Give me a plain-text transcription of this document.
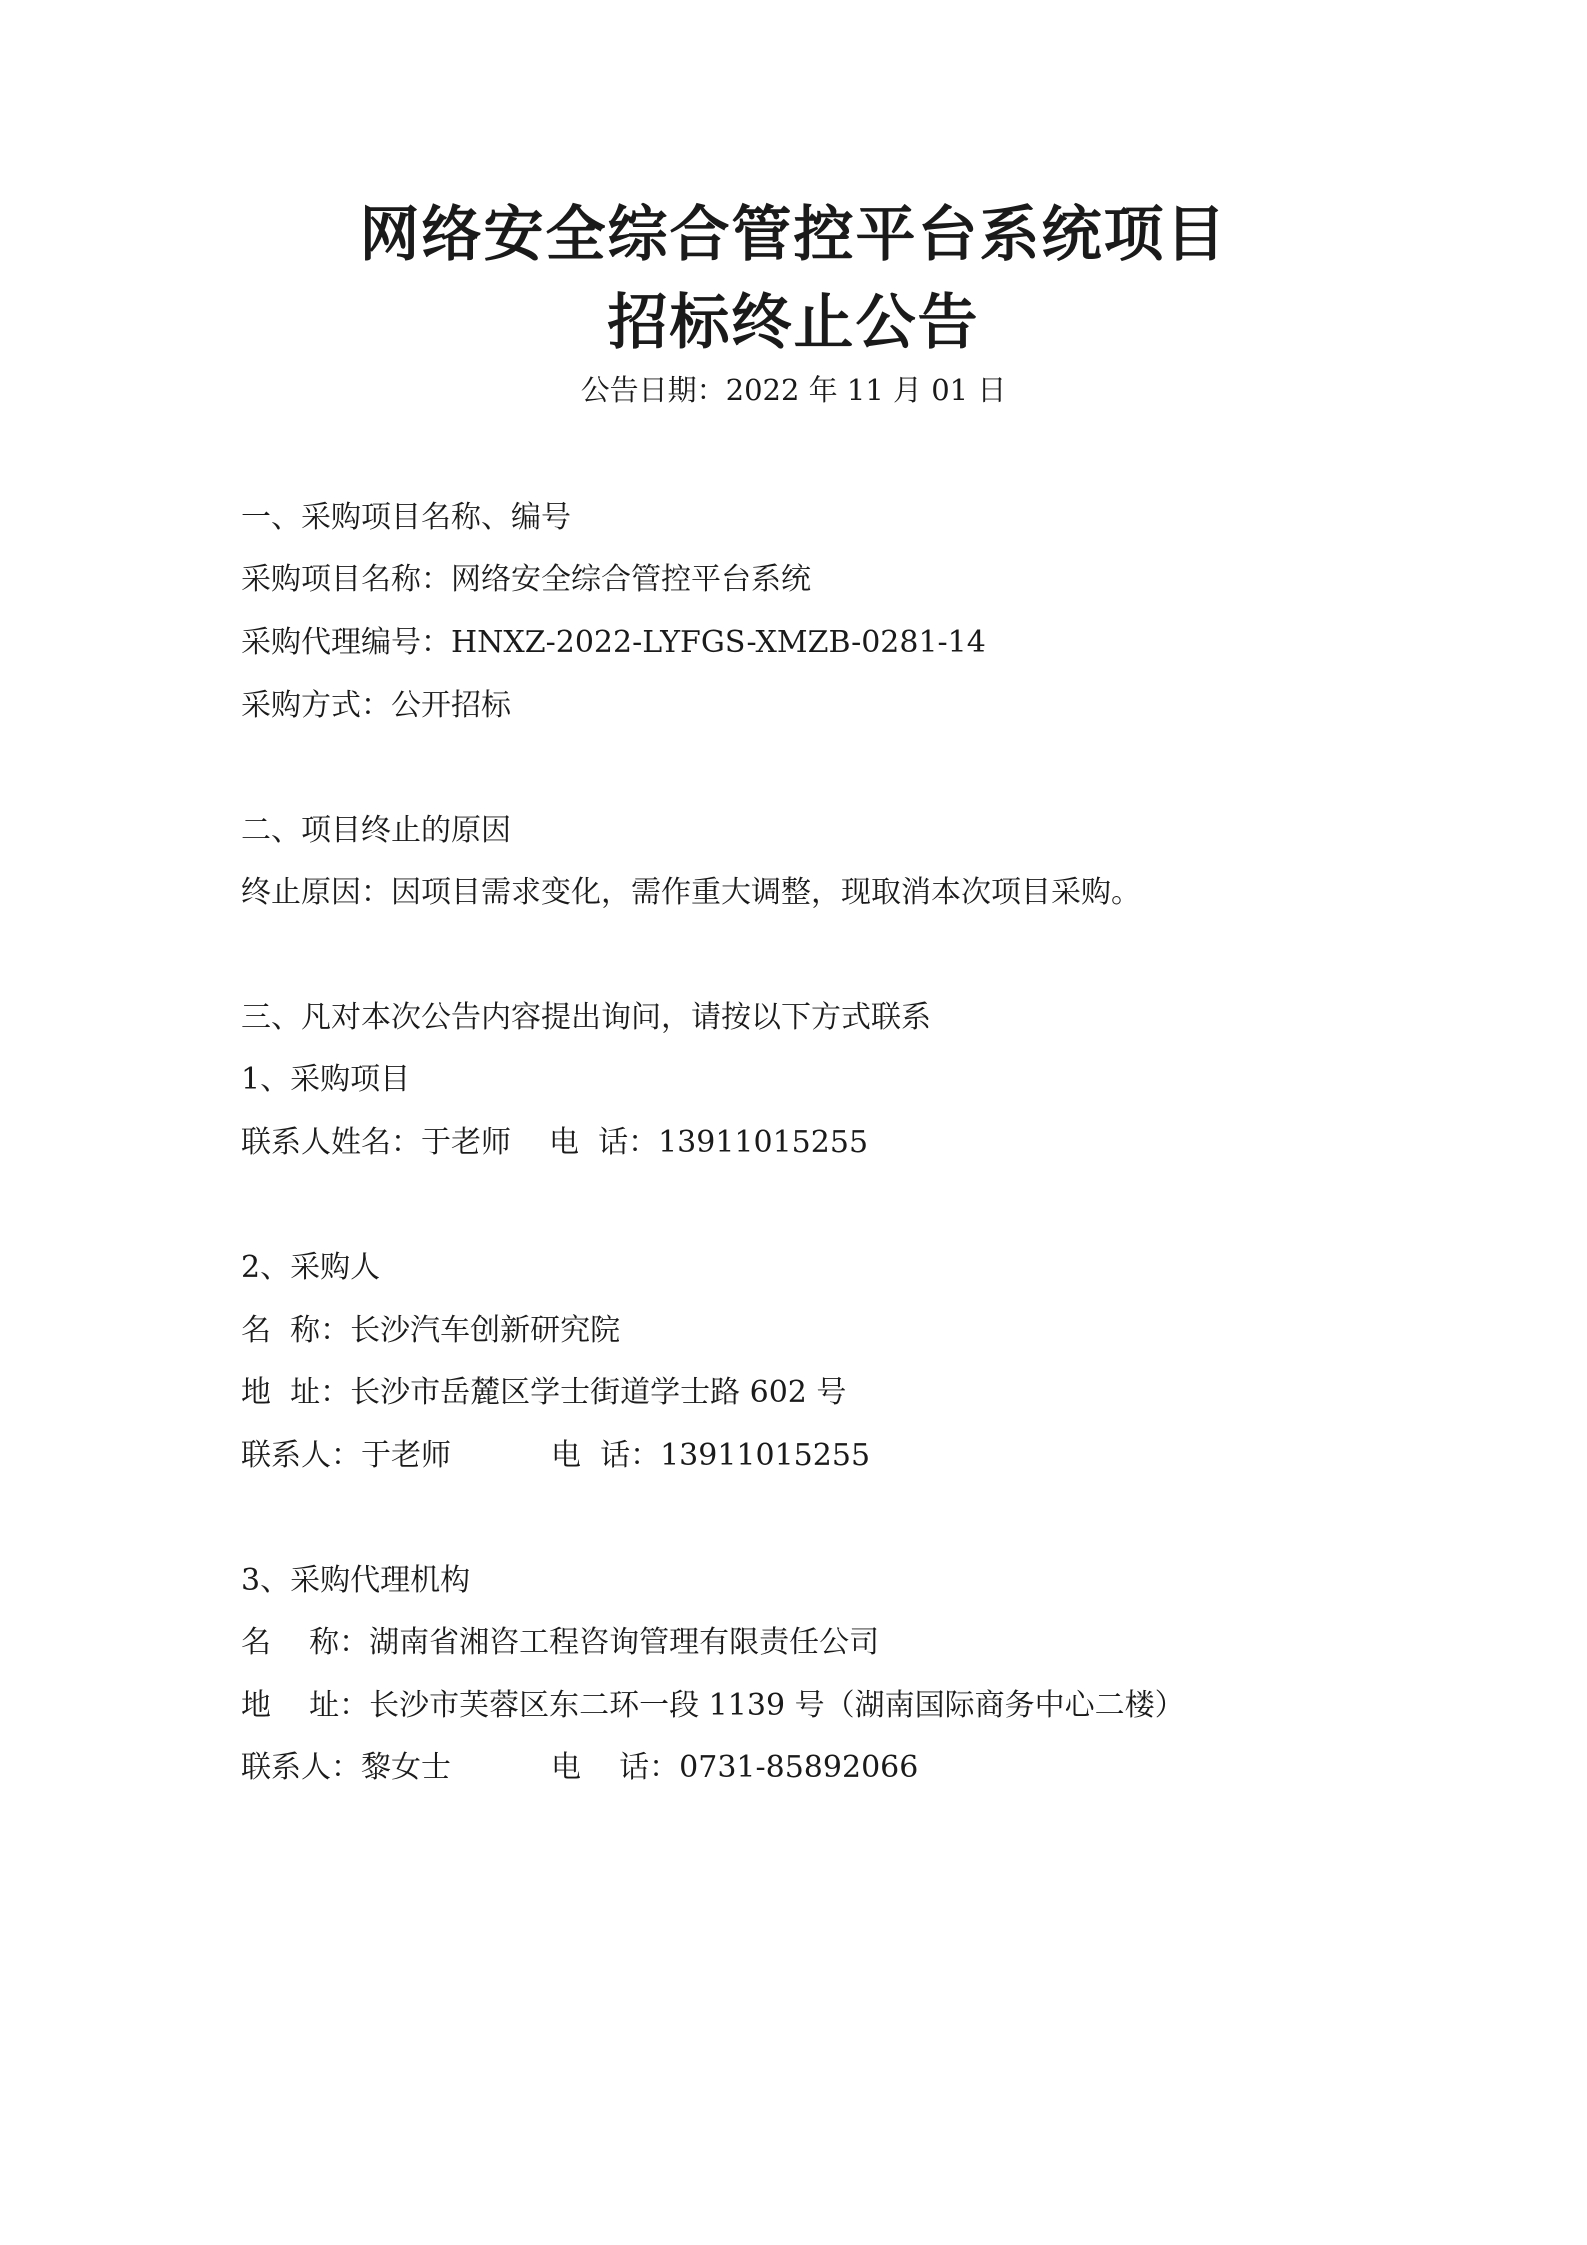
网络安全综合管控平台系统项目
招标终止公告
公告日期：2022 年 11 月 01 日

一、采购项目名称、编号

采购项目名称：网络安全综合管控平台系统

采购代理编号：HNXZ-2022-LYFGS-XMZB-0281-14

采购方式：公开招标

二、项目终止的原因

终止原因：因项目需求变化，需作重大调整，现取消本次项目采购。

三、凡对本次公告内容提出询问，请按以下方式联系

1、采购项目

联系人姓名：于老师 电  话：13911015255

2、采购人

名  称：长沙汽车创新研究院

地  址：长沙市岳麓区学士街道学士路 602 号

联系人：于老师	电  话：13911015255

3、采购代理机构

名    称：湖南省湘咨工程咨询管理有限责任公司

地    址：长沙市芙蓉区东二环一段 1139 号（湖南国际商务中心二楼）

联系人：黎女士	电    话：0731-85892066
